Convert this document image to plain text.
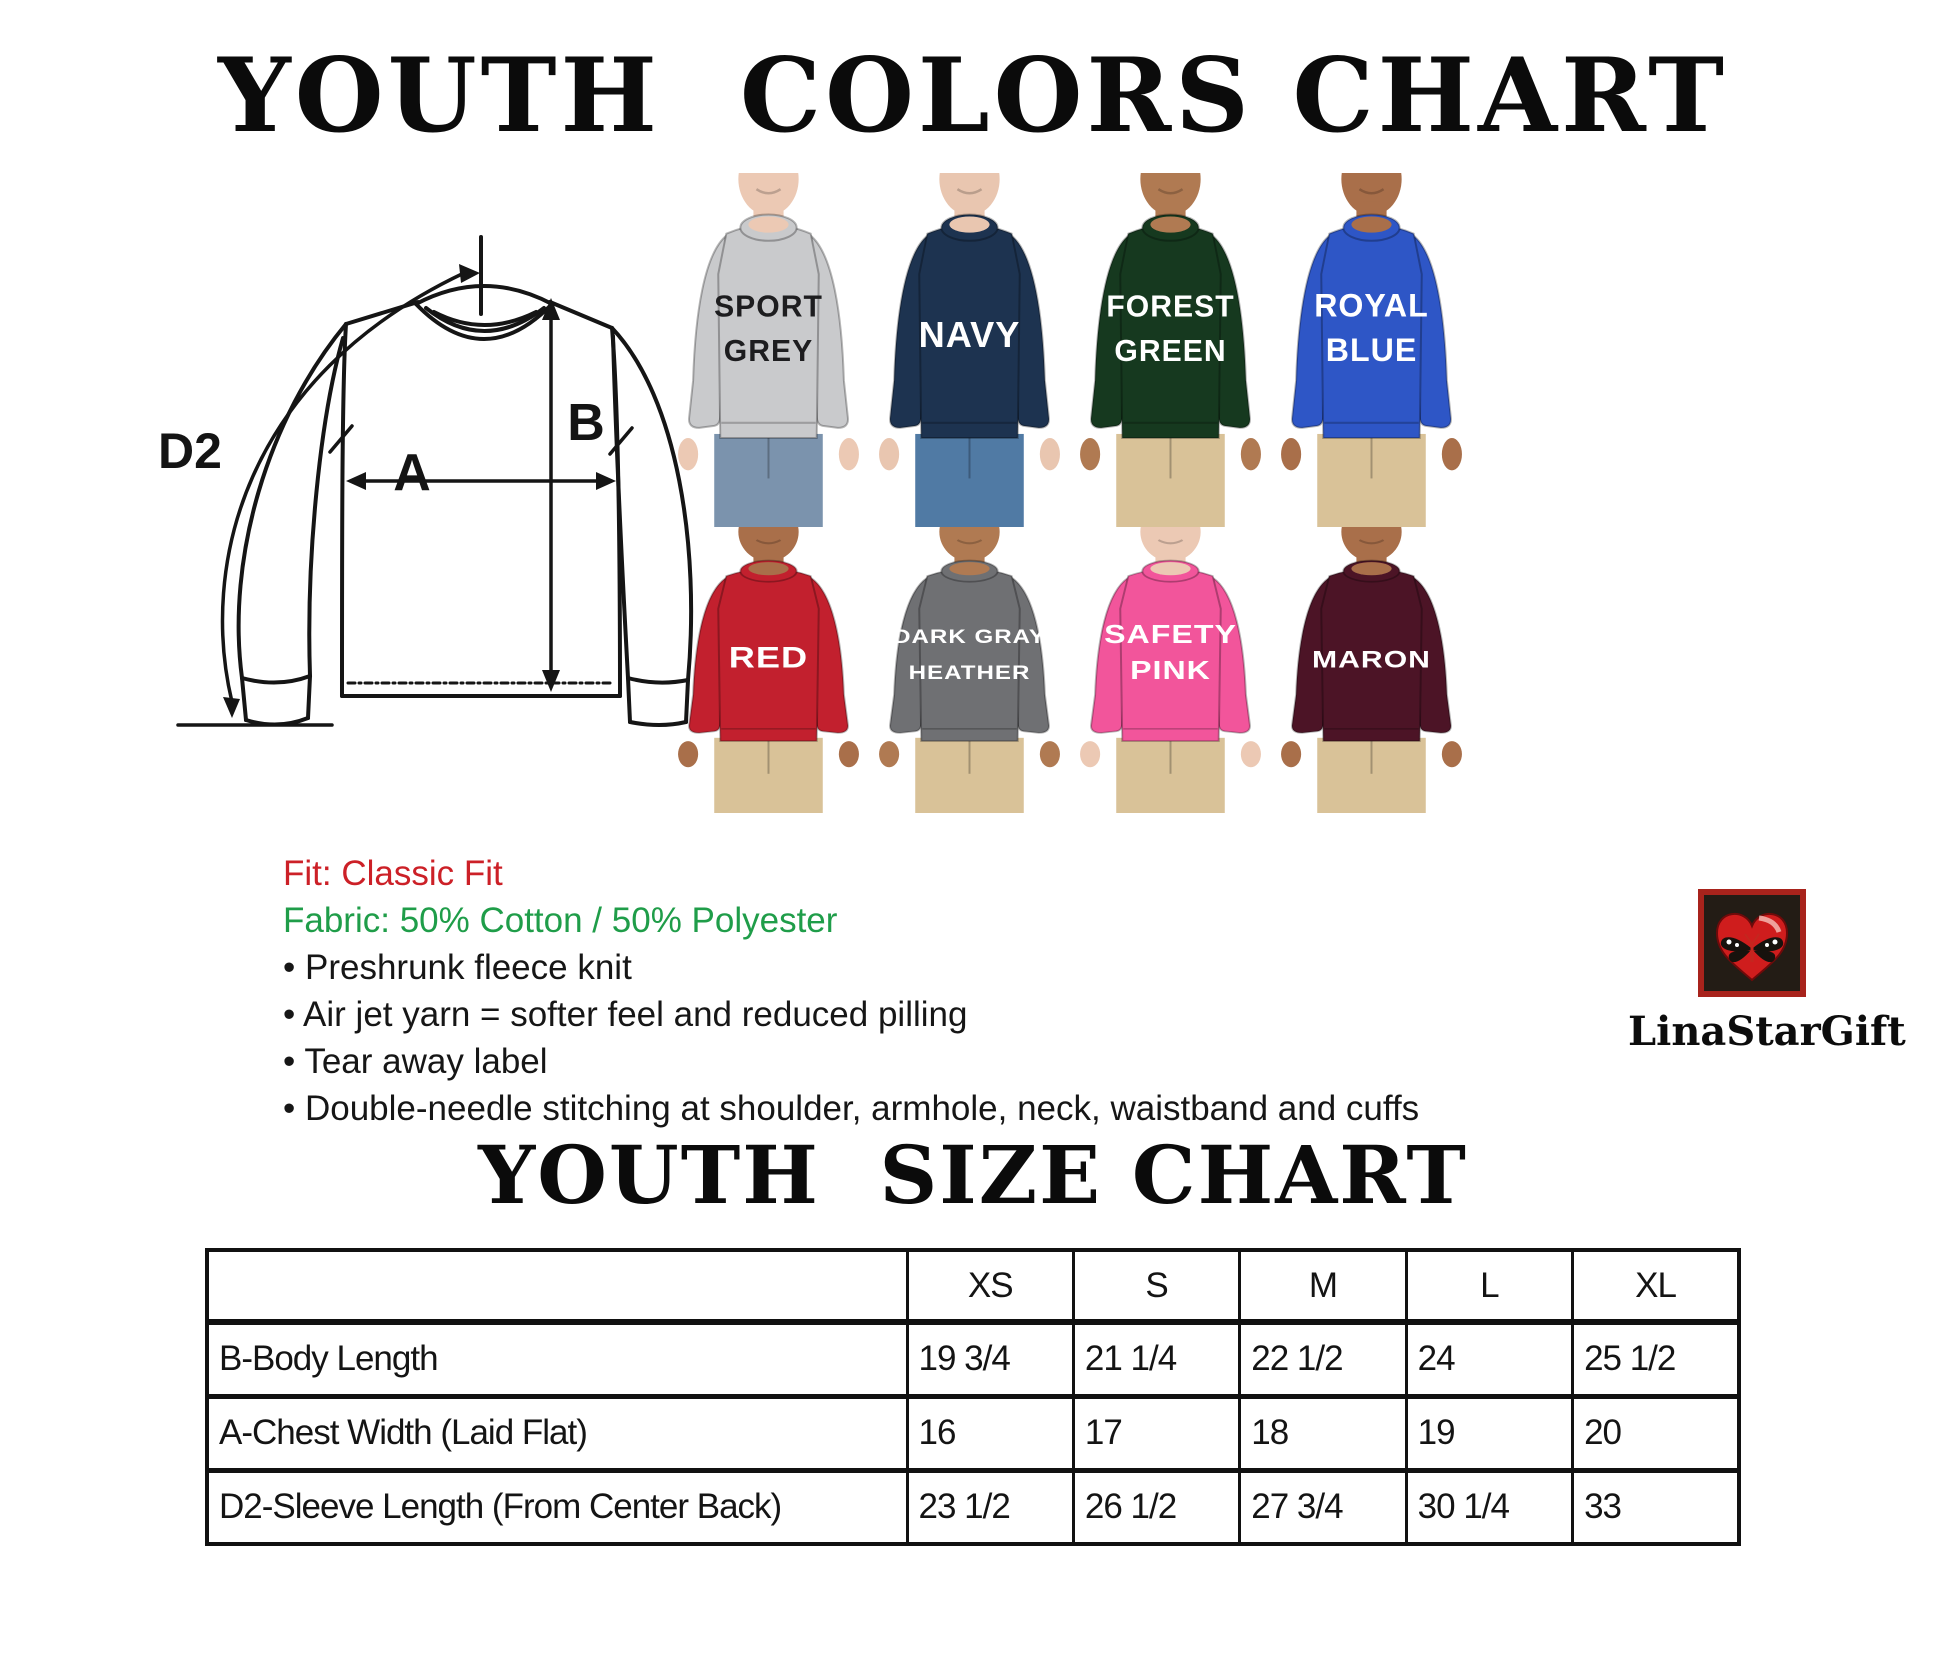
YOUTH  COLORS CHART
D2	A
B
SPORT
GREY	NAVY
FOREST
GREEN
ROYAL
BLUE
RED
DARK GRAY
HEATHER
SAFETY
PINK	MARON

Fit: Classic Fit

Fabric: 50% Cotton / 50% Polyester

• Preshrunk fleece knit

• Air jet yarn = softer feel and reduced pilling

• Tear away label

• Double-needle stitching at shoulder, armhole, neck, waistband and cuffs

LinaStarGift
YOUTH  SIZE CHART
	XS	S	M	L	XL
B-Body Length	19 3/4	21 1/4	22 1/2	24	25 1/2
A-Chest Width (Laid Flat)	16	17	18	19	20
D2-Sleeve Length (From Center Back)	23 1/2	26 1/2	27 3/4	30 1/4	33
